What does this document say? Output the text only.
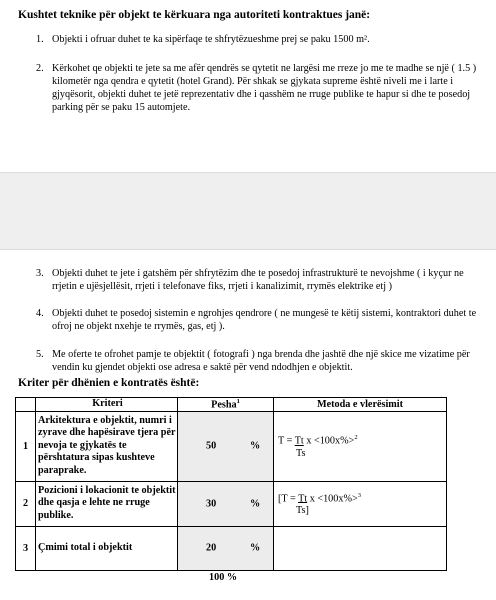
Kushtet teknike për objekt te kërkuara nga autoriteti kontraktues janë:
1. Objekti i ofruar duhet te ka sipërfaqe te shfrytëzueshme prej se paku 1500 m².
2. Kërkohet qe objekti te jete sa me afër qendrës se qytetit ne largësi me rreze jo me te madhe se një ( 1.5 ) kilometër nga qendra e qytetit (hotel Grand). Për shkak se gjykata supreme është niveli me i larte i gjyqësorit, objekti duhet te jetë reprezentativ dhe i qasshëm ne rruge publike te hapur si dhe te posedoj parking për se paku 15 automjete.
3. Objekti duhet te jete i gatshëm për shfrytëzim dhe te posedoj infrastrukturë te nevojshme ( i kyçur ne rrjetin e ujësjellësit, rrjeti i telefonave fiks, rrjeti i kanalizimit, rrymës elektrike etj )
4. Objekti duhet te posedoj sistemin e ngrohjes qendrore ( ne mungesë te këtij sistemi, kontraktori duhet te ofroj ne objekt nxehje te rrymës, gas, etj ).
5. Me oferte te ofrohet pamje te objektit ( fotografi ) nga brenda dhe jashtë dhe një skice me vizatime për vendin ku gjendet objekti ose adresa e saktë për vend ndodhjen e objektit.
Kriter për dhënien e kontratës është:
	Kriteri	Pesha$^1$	Metoda e vlerësimit
1	Arkitektura e objektit, numri i zyrave dhe hapësirave tjera për nevoja te gjykatës te përshtatura sipas kushteve paraprake.	50 %	T = Tt x <100x%>$^2$
Ts

2	Pozicioni i lokacionit te objektit dhe qasja e lehte ne rruge publike.	30 %	[T = Tt x <100x%>$^3$
Ts]

3	Çmimi total i objektit	20 %	

100 %
